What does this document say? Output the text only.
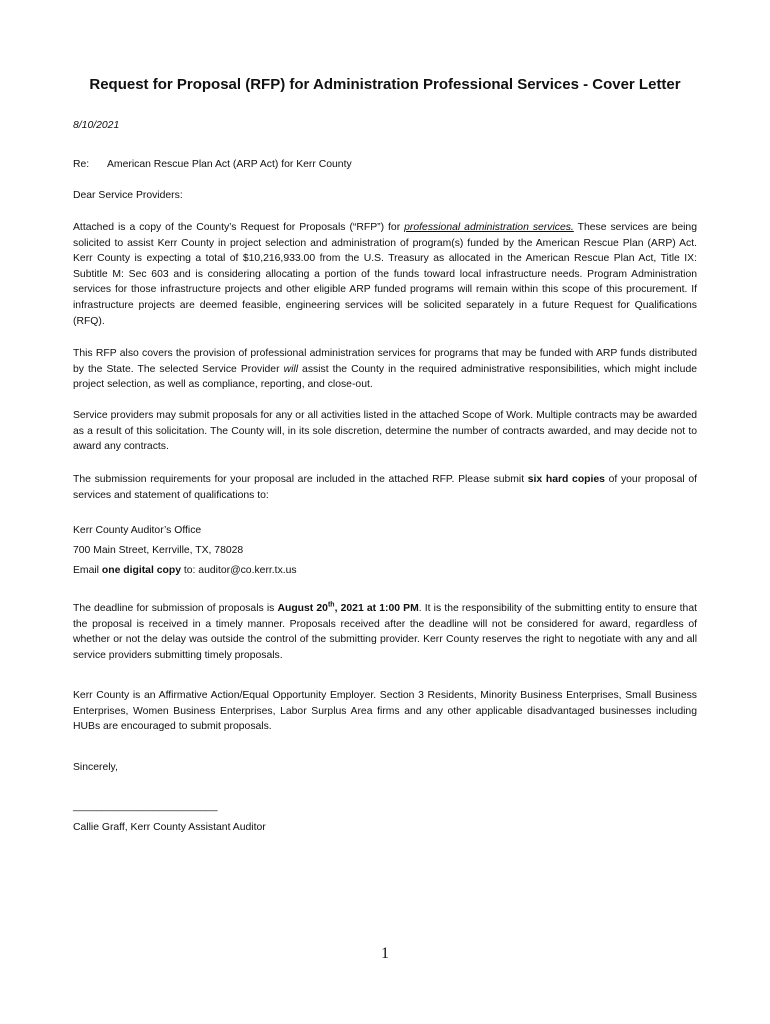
Request for Proposal (RFP) for Administration Professional Services - Cover Letter
8/10/2021
Re: American Rescue Plan Act (ARP Act) for Kerr County
Dear Service Providers:
Attached is a copy of the County’s Request for Proposals (“RFP”) for professional administration services. These services are being solicited to assist Kerr County in project selection and administration of program(s) funded by the American Rescue Plan (ARP) Act. Kerr County is expecting a total of $10,216,933.00 from the U.S. Treasury as allocated in the American Rescue Plan Act, Title IX: Subtitle M: Sec 603 and is considering allocating a portion of the funds toward local infrastructure needs. Program Administration services for those infrastructure projects and other eligible ARP funded programs will remain within this scope of this procurement. If infrastructure projects are deemed feasible, engineering services will be solicited separately in a future Request for Qualifications (RFQ).
This RFP also covers the provision of professional administration services for programs that may be funded with ARP funds distributed by the State. The selected Service Provider will assist the County in the required administrative responsibilities, which might include project selection, as well as compliance, reporting, and close-out.
Service providers may submit proposals for any or all activities listed in the attached Scope of Work. Multiple contracts may be awarded as a result of this solicitation. The County will, in its sole discretion, determine the number of contracts awarded, and may decide not to award any contracts.
The submission requirements for your proposal are included in the attached RFP. Please submit six hard copies of your proposal of services and statement of qualifications to:
Kerr County Auditor’s Office
700 Main Street, Kerrville, TX, 78028
Email one digital copy to: auditor@co.kerr.tx.us
The deadline for submission of proposals is August 20th, 2021 at 1:00 PM. It is the responsibility of the submitting entity to ensure that the proposal is received in a timely manner. Proposals received after the deadline will not be considered for award, regardless of whether or not the delay was outside the control of the submitting provider. Kerr County reserves the right to negotiate with any and all service providers submitting timely proposals.
Kerr County is an Affirmative Action/Equal Opportunity Employer. Section 3 Residents, Minority Business Enterprises, Small Business Enterprises, Women Business Enterprises, Labor Surplus Area firms and any other applicable disadvantaged businesses including HUBs are encouraged to submit proposals.
Sincerely,
_________________________
Callie Graff, Kerr County Assistant Auditor
1
